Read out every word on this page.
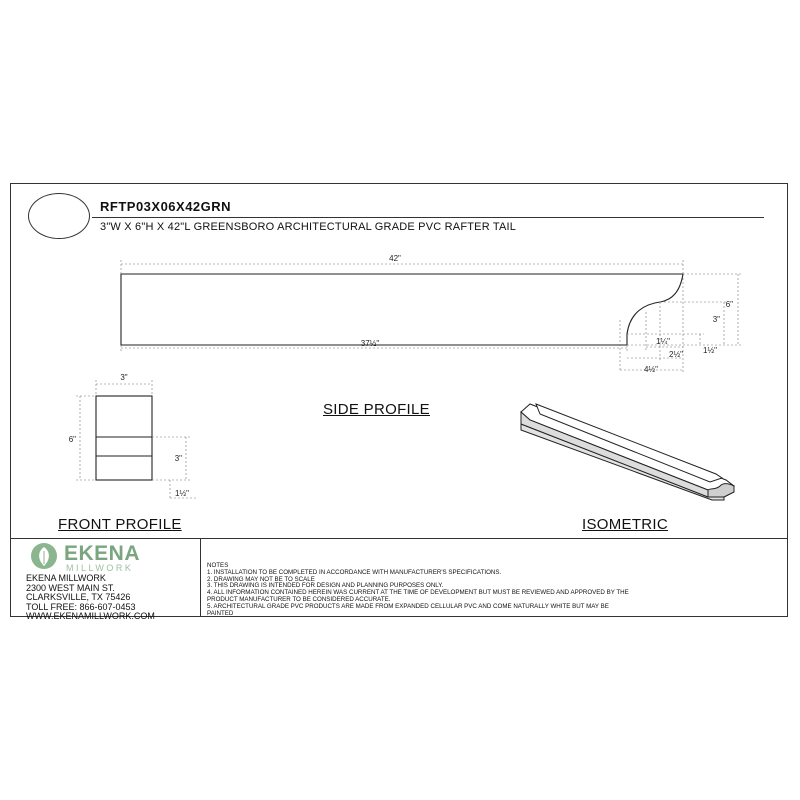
RFTP03X06X42GRN
3"W X 6"H X 42"L GREENSBORO ARCHITECTURAL GRADE PVC RAFTER TAIL
42"
37½"
6"
3"
1¼"
2½"	1½"
4½"
3"
6"
3"
1½"
SIDE PROFILE
FRONT PROFILE	ISOMETRIC
EKENA
MILLWORK
EKENA MILLWORK
2300 WEST MAIN ST.
CLARKSVILLE, TX 75426
TOLL FREE: 866-607-0453
WWW.EKENAMILLWORK.COM
NOTES
1. INSTALLATION TO BE COMPLETED IN ACCORDANCE WITH MANUFACTURER'S SPECIFICATIONS.
2. DRAWING MAY NOT BE TO SCALE
3. THIS DRAWING IS INTENDED FOR DESIGN AND PLANNING PURPOSES ONLY.
4. ALL INFORMATION CONTAINED HEREIN WAS CURRENT AT THE TIME OF DEVELOPMENT BUT MUST BE REVIEWED AND APPROVED BY THE
PRODUCT MANUFACTURER TO BE CONSIDERED ACCURATE.
5. ARCHITECTURAL GRADE PVC PRODUCTS ARE MADE FROM EXPANDED CELLULAR PVC AND COME NATURALLY WHITE BUT MAY BE
PAINTED
